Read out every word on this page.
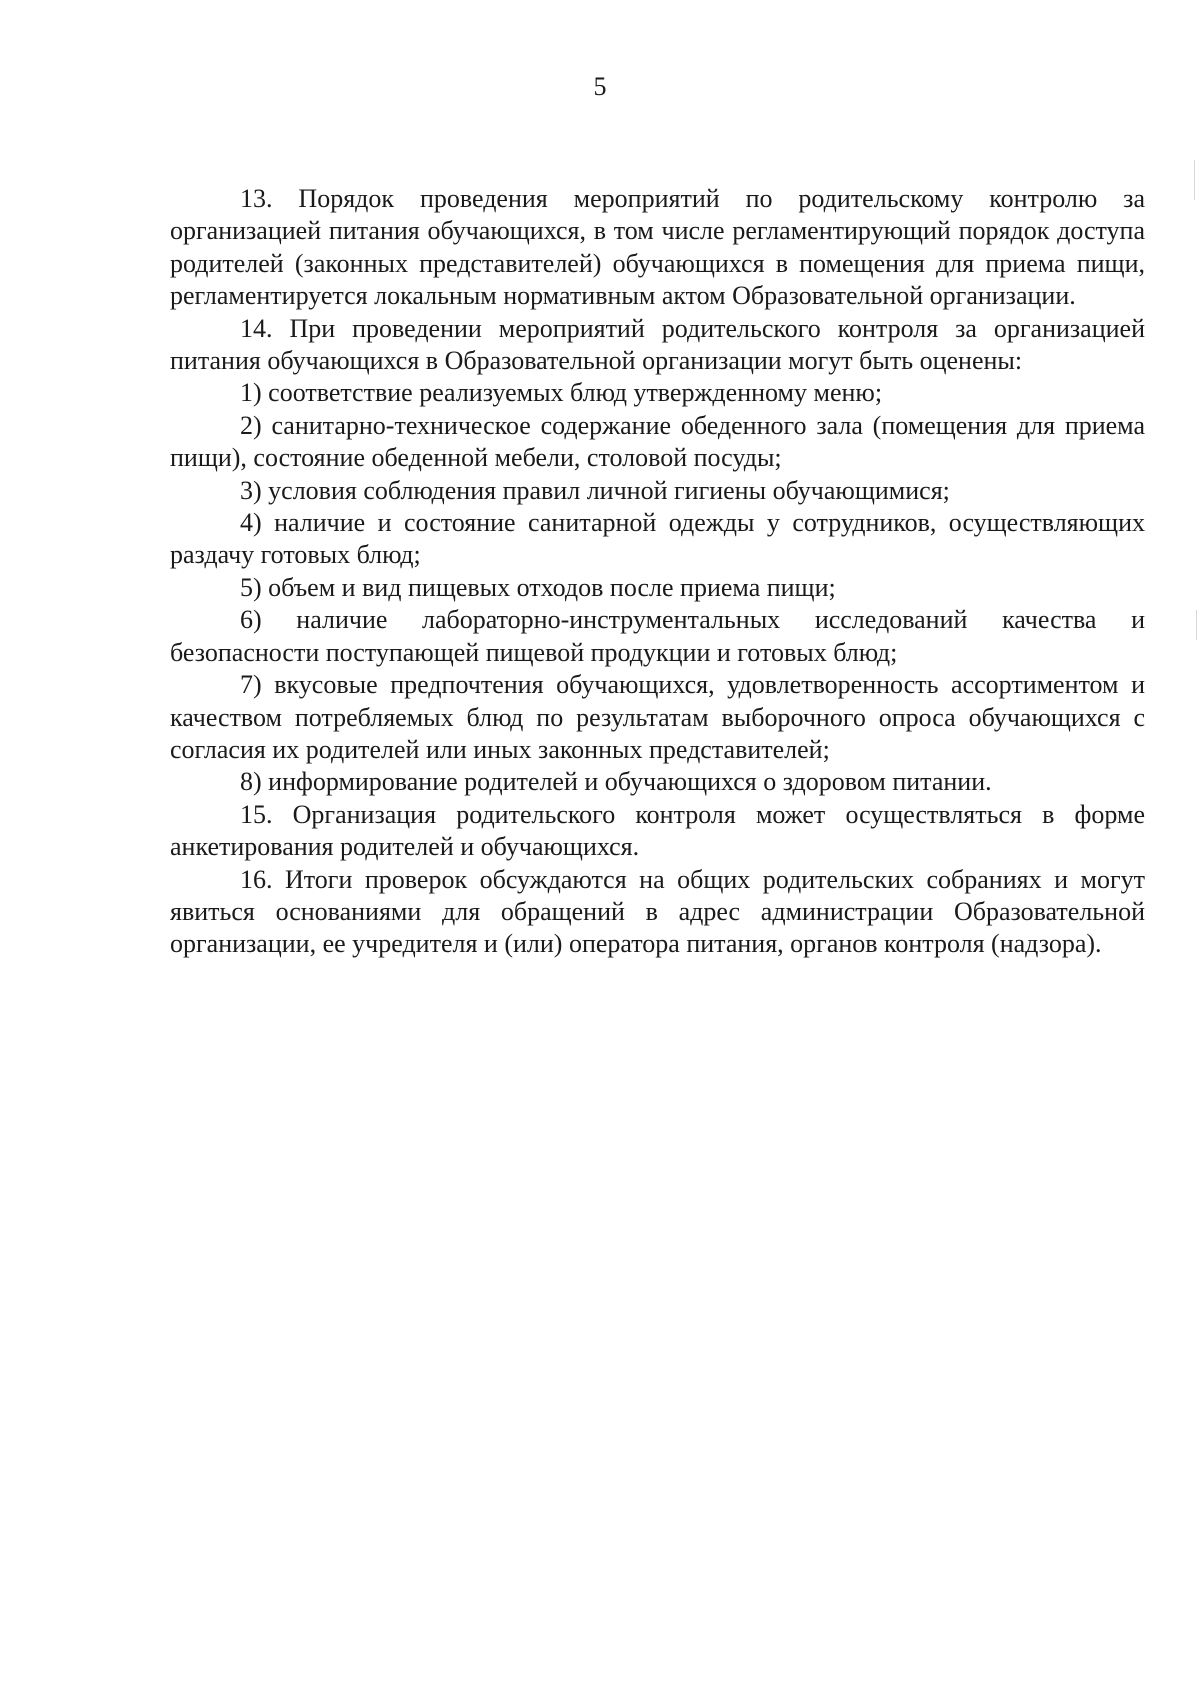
5

13. Порядок проведения мероприятий по родительскому контролю за организацией питания обучающихся, в том числе регламентирующий порядок доступа родителей (законных представителей) обучающихся в помещения для приема пищи, регламентируется локальным нормативным актом Образовательной организации.

14. При проведении мероприятий родительского контроля за организацией питания обучающихся в Образовательной организации могут быть оценены:

1) соответствие реализуемых блюд утвержденному меню;

2) санитарно-техническое содержание обеденного зала (помещения для приема пищи), состояние обеденной мебели, столовой посуды;

3) условия соблюдения правил личной гигиены обучающимися;

4) наличие и состояние санитарной одежды у сотрудников, осуществляющих раздачу готовых блюд;

5) объем и вид пищевых отходов после приема пищи;

6) наличие лабораторно-инструментальных исследований качества и безопасности поступающей пищевой продукции и готовых блюд;

7) вкусовые предпочтения обучающихся, удовлетворенность ассортиментом и качеством потребляемых блюд по результатам выборочного опроса обучающихся с согласия их родителей или иных законных представителей;

8) информирование родителей и обучающихся о здоровом питании.

15. Организация родительского контроля может осуществляться в форме анкетирования родителей и обучающихся.

16. Итоги проверок обсуждаются на общих родительских собраниях и могут явиться основаниями для обращений в адрес администрации Образовательной организации, ее учредителя и (или) оператора питания, органов контроля (надзора).
